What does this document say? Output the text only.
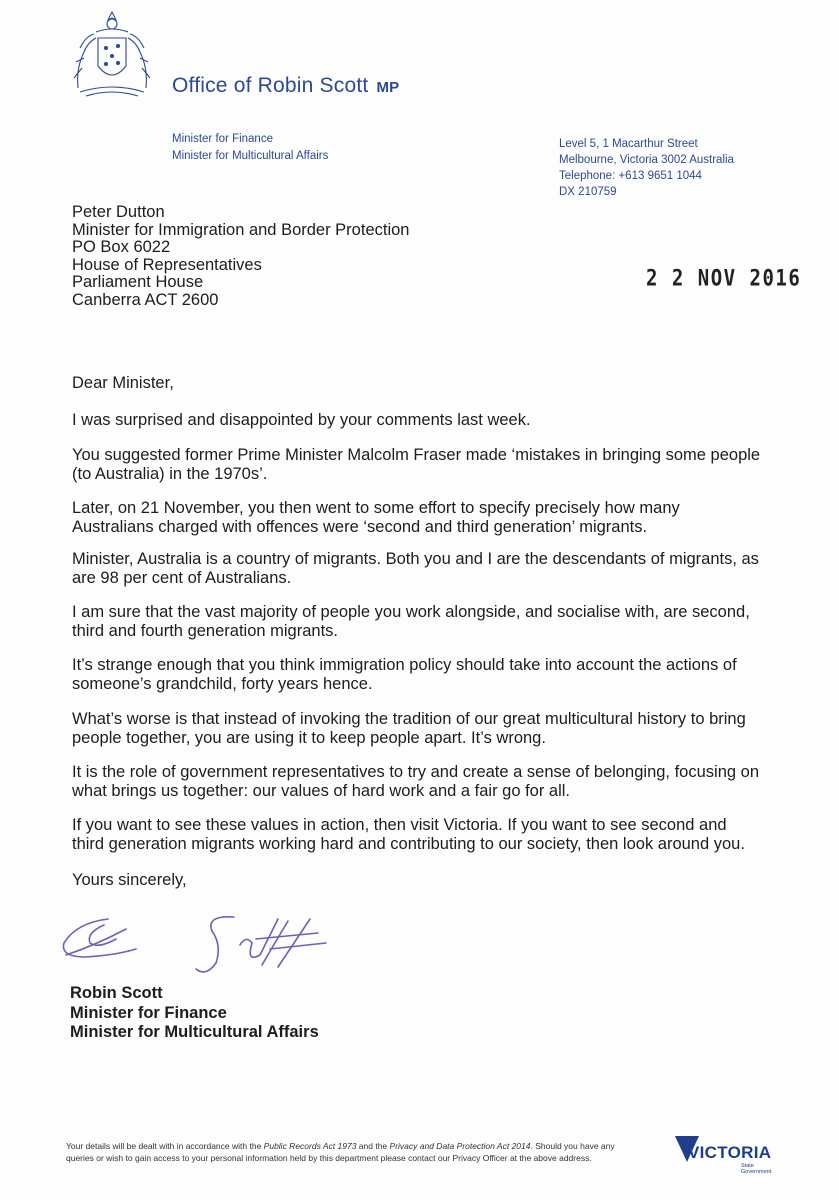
Office of Robin Scott MP
Minister for Finance
Minister for Multicultural Affairs
Level 5, 1 Macarthur Street
Melbourne, Victoria 3002 Australia
Telephone: +613 9651 1044
DX 210759
Peter Dutton
Minister for Immigration and Border Protection
PO Box 6022
House of Representatives
Parliament House
Canberra ACT 2600
2 2 NOV 2016
Dear Minister,

I was surprised and disappointed by your comments last week.

You suggested former Prime Minister Malcolm Fraser made ‘mistakes in bringing some people (to Australia) in the 1970s’.

Later, on 21 November, you then went to some effort to specify precisely how many Australians charged with offences were ‘second and third generation’ migrants.

Minister, Australia is a country of migrants. Both you and I are the descendants of migrants, as are 98 per cent of Australians.

I am sure that the vast majority of people you work alongside, and socialise with, are second, third and fourth generation migrants.

It’s strange enough that you think immigration policy should take into account the actions of someone’s grandchild, forty years hence.

What’s worse is that instead of invoking the tradition of our great multicultural history to bring people together, you are using it to keep people apart. It’s wrong.

It is the role of government representatives to try and create a sense of belonging, focusing on what brings us together: our values of hard work and a fair go for all.

If you want to see these values in action, then visit Victoria. If you want to see second and third generation migrants working hard and contributing to our society, then look around you.

Yours sincerely,
Robin Scott
Minister for Finance
Minister for Multicultural Affairs
Your details will be dealt with in accordance with the Public Records Act 1973 and the Privacy and Data Protection Act 2014. Should you have any queries or wish to gain access to your personal information held by this department please contact our Privacy Officer at the above address.	VICTORIA
State
Government
